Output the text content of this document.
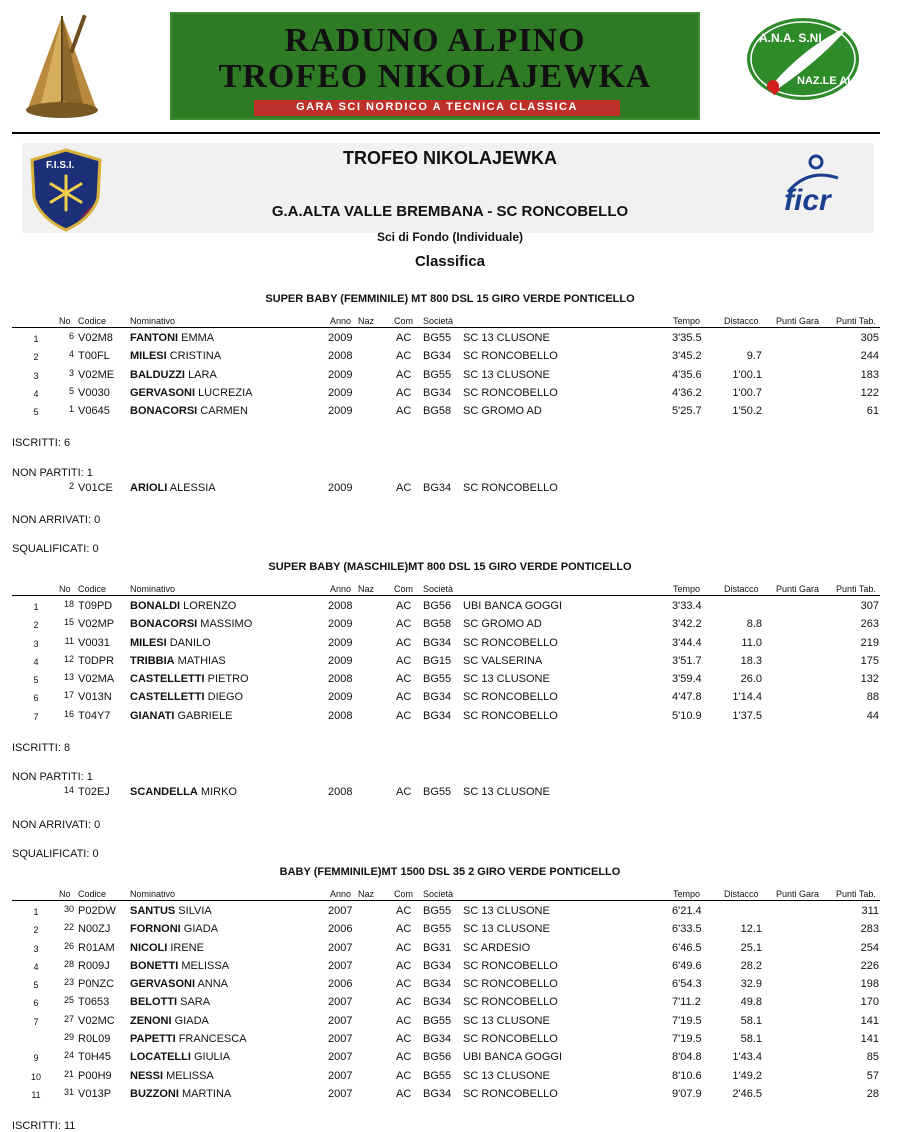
RADUNO ALPINO
TROFEO NIKOLAJEWKA
GARA SCI NORDICO A TECNICA CLASSICA
A.N.A. S.NI
NAZ.LE ALPINI
F.I.S.I.
ficr
TROFEO NIKOLAJEWKA
G.A.ALTA VALLE BREMBANA - SC RONCOBELLO
Sci di Fondo (Individuale)
Classifica
SUPER BABY (FEMMINILE) MT 800 DSL 15 GIRO VERDE PONTICELLO
No Codice	Nominativo	Anno Naz Com Società	Tempo	Distacco Punti Gara Punti Tab.
1	6 V02M8 FANTONI EMMA	2009	AC BG55 SC 13 CLUSONE	3'35.5	305
2	4 T00FL MILESI CRISTINA	2008	AC BG34 SC RONCOBELLO	3'45.2	9.7	244
3	3 V02ME BALDUZZI LARA	2009	AC BG55 SC 13 CLUSONE	4'35.6	1'00.1	183
4	5 V0030 GERVASONI LUCREZIA	2009	AC BG34 SC RONCOBELLO	4'36.2	1'00.7	122
5	1 V0645 BONACORSI CARMEN	2009	AC BG58 SC GROMO AD	5'25.7	1'50.2	61
ISCRITTI: 6
NON PARTITI: 1
2 V01CE ARIOLI ALESSIA	2009	AC BG34 SC RONCOBELLO
NON ARRIVATI: 0
SQUALIFICATI: 0
SUPER BABY (MASCHILE)MT 800 DSL 15 GIRO VERDE PONTICELLO
No Codice	Nominativo	Anno Naz Com Società	Tempo	Distacco Punti Gara Punti Tab.
1	18 T09PD BONALDI LORENZO	2008	AC BG56 UBI BANCA GOGGI	3'33.4	307
2	15 V02MP BONACORSI MASSIMO	2009	AC BG58 SC GROMO AD	3'42.2	8.8	263
3	11 V0031 MILESI DANILO	2009	AC BG34 SC RONCOBELLO	3'44.4	11.0	219
4	12 T0DPR TRIBBIA MATHIAS	2009	AC BG15 SC VALSERINA	3'51.7	18.3	175
5	13 V02MA CASTELLETTI PIETRO	2008	AC BG55 SC 13 CLUSONE	3'59.4	26.0	132
6	17 V013N CASTELLETTI DIEGO	2009	AC BG34 SC RONCOBELLO	4'47.8	1'14.4	88
7	16 T04Y7 GIANATI GABRIELE	2008	AC BG34 SC RONCOBELLO	5'10.9	1'37.5	44
ISCRITTI: 8
NON PARTITI: 1
14 T02EJ SCANDELLA MIRKO	2008	AC BG55 SC 13 CLUSONE
NON ARRIVATI: 0
SQUALIFICATI: 0
BABY (FEMMINILE)MT 1500 DSL 35 2 GIRO VERDE PONTICELLO
No Codice	Nominativo	Anno Naz Com Società	Tempo	Distacco Punti Gara Punti Tab.
1	30 P02DW SANTUS SILVIA	2007	AC BG55 SC 13 CLUSONE	6'21.4	311
2	22 N00ZJ FORNONI GIADA	2006	AC BG55 SC 13 CLUSONE	6'33.5	12.1	283
3	26 R01AM NICOLI IRENE	2007	AC BG31 SC ARDESIO	6'46.5	25.1	254
4	28 R009J BONETTI MELISSA	2007	AC BG34 SC RONCOBELLO	6'49.6	28.2	226
5	23 P0NZC GERVASONI ANNA	2006	AC BG34 SC RONCOBELLO	6'54.3	32.9	198
6	25 T0653 BELOTTI SARA	2007	AC BG34 SC RONCOBELLO	7'11.2	49.8	170
7	27 V02MC ZENONI GIADA	2007	AC BG55 SC 13 CLUSONE	7'19.5	58.1	141
29 R0L09 PAPETTI FRANCESCA	2007	AC BG34 SC RONCOBELLO	7'19.5	58.1	141
9	24 T0H45 LOCATELLI GIULIA	2007	AC BG56 UBI BANCA GOGGI	8'04.8	1'43.4	85
10	21 P00H9 NESSI MELISSA	2007	AC BG55 SC 13 CLUSONE	8'10.6	1'49.2	57
11	31 V013P BUZZONI MARTINA	2007	AC BG34 SC RONCOBELLO	9'07.9	2'46.5	28
ISCRITTI: 11
